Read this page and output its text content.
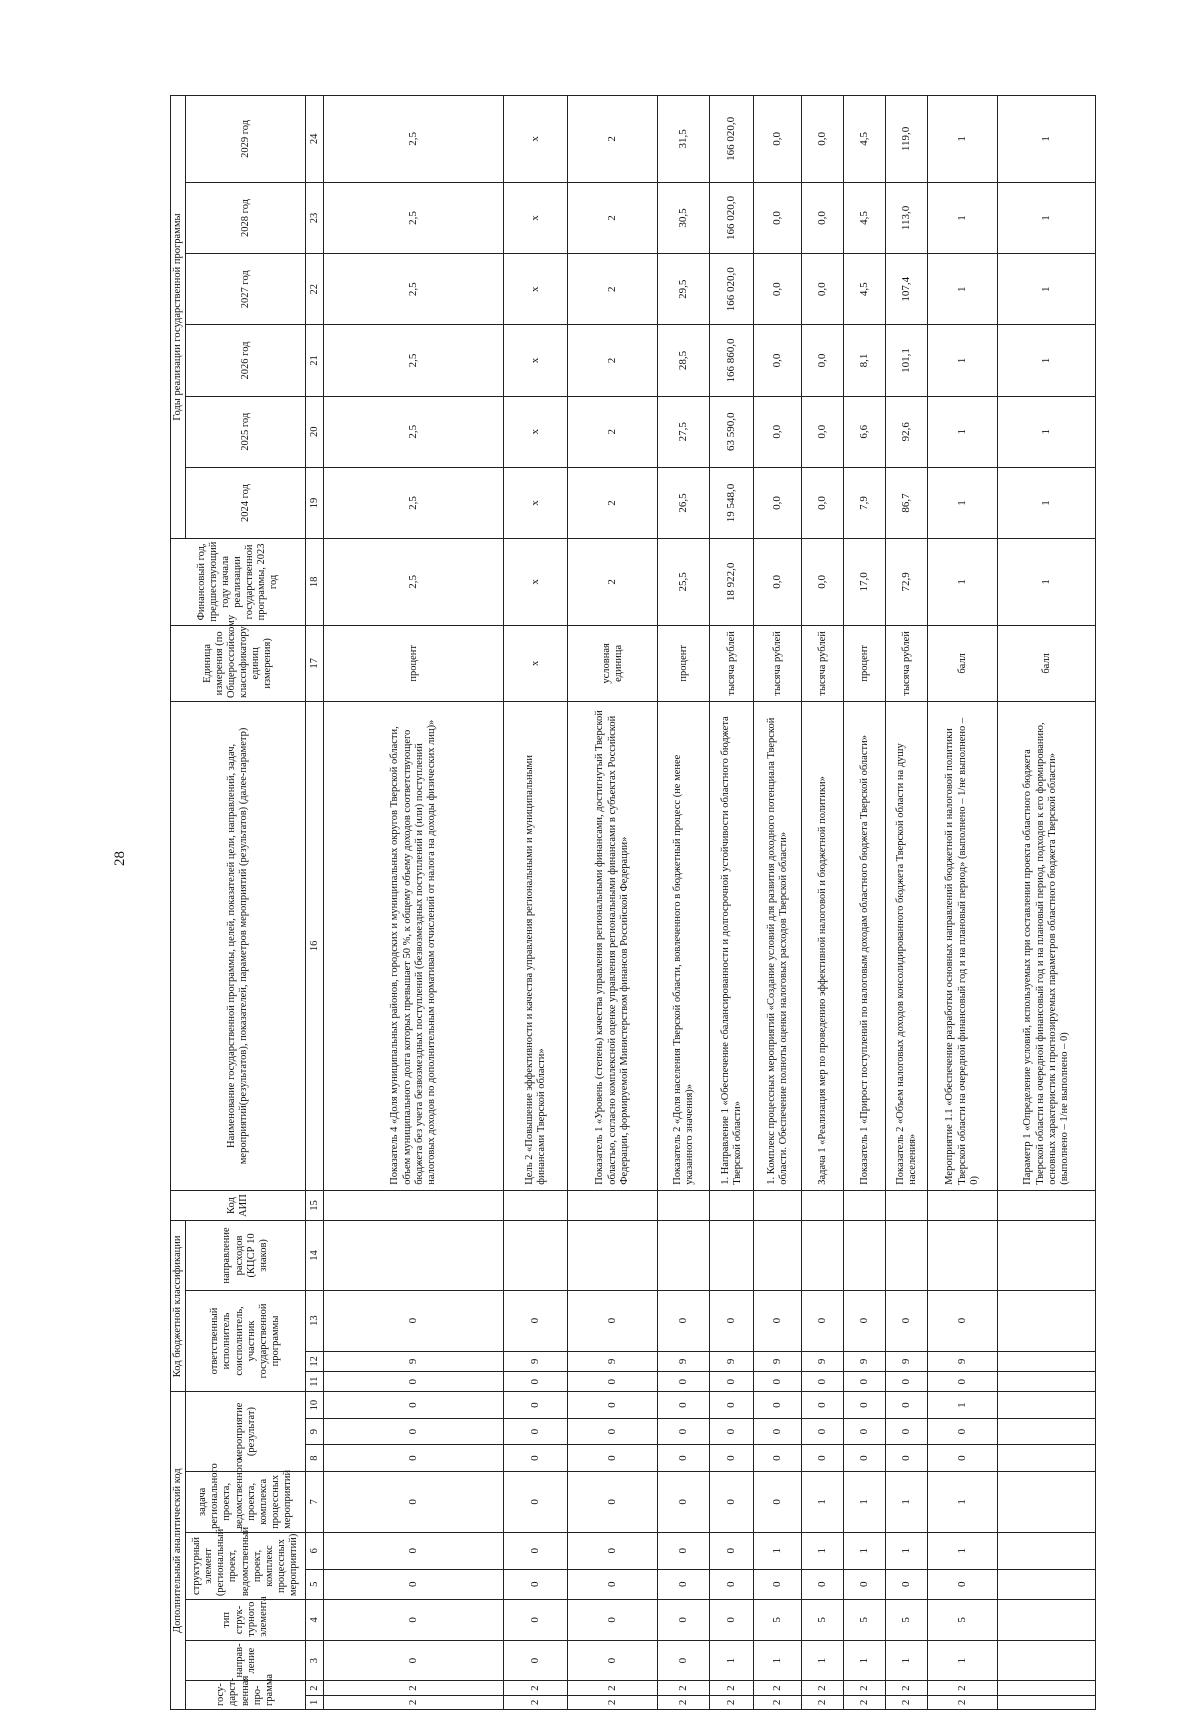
28
Дополнительный аналитический код										Код бюджетной классификации				Код АИП	Наименование государственной программы, целей, показателей цели, направлений, задач, мероприятий(результатов), показателей, параметров мероприятий (результатов) (далее-параметр)	Единица измерения (по Общероссийскому классификатору единиц измерения)	Финансовый год, предшествующий году начала реализации государственной программы, 2023 год	Годы реализации государственной программы					
госу-дарст-венная про-грамма		направ-ление	тип струк-турного элемента	структурный элемент (региональный проект, ведомственный проект, комплекс процессных мероприятий)		задача регионального проекта, ведомственного проекта, комплекса процессных мероприятий	мероприятие (результат)			ответственный исполнитель соисполнитель, участник государственной программы			направление расходов (КЦСР 10 знаков)					2024 год	2025 год	2026 год	2027 год	2028 год	2029 год
1	2	3	4	5	6	7	8	9	10	11	12	13	14	15	16	17	18	19	20	21	22	23	24
2	2	0	0	0	0	0	0	0	0	0	9	0			Показатель 4 «Доля муниципальных районов, городских и муниципальных округов Тверской области, объем муниципального долга которых превышает 50 %, к общему объему доходов соответствующего бюджета без учета безвозмездных поступлений (безвозмездных поступлений и (или) поступлений налоговых доходов по дополнительным нормативам отчислений от налога на доходы физических лиц)»	процент	2,5	2,5	2,5	2,5	2,5	2,5	2,5
2	2	0	0	0	0	0	0	0	0	0	9	0			Цель 2 «Повышение эффективности и качества управления региональными и муниципальными финансами Тверской области»	х	х	х	х	х	х	х	х
2	2	0	0	0	0	0	0	0	0	0	9	0			Показатель 1 «Уровень (степень) качества управления региональными финансами, достигнутый Тверской областью, согласно комплексной оценке управления региональными финансами в субъектах Российской Федерации, формируемой Министерством финансов Российской Федерации»	условная единица	2	2	2	2	2	2	2
2	2	0	0	0	0	0	0	0	0	0	9	0			Показатель 2 «Доля населения Тверской области, вовлеченного в бюджетный процесс (не менее указанного значения)»	процент	25,5	26,5	27,5	28,5	29,5	30,5	31,5
2	2	1	0	0	0	0	0	0	0	0	9	0			1. Направление 1 «Обеспечение сбалансированности и долгосрочной устойчивости областного бюджета Тверской области»	тысяча рублей	18 922,0	19 548,0	63 590,0	166 860,0	166 020,0	166 020,0	166 020,0
2	2	1	5	0	1	0	0	0	0	0	9	0			1. Комплекс процессных мероприятий «Создание условий для развития доходного потенциала Тверской области. Обеспечение полноты оценки налоговых расходов Тверской области»	тысяча рублей	0,0	0,0	0,0	0,0	0,0	0,0	0,0
2	2	1	5	0	1	1	0	0	0	0	9	0			Задача 1 «Реализация мер по проведению эффективной налоговой и бюджетной политики»	тысяча рублей	0,0	0,0	0,0	0,0	0,0	0,0	0,0
2	2	1	5	0	1	1	0	0	0	0	9	0			Показатель 1 «Прирост поступлений по налоговым доходам областного бюджета Тверской области»	процент	17,0	7,9	6,6	8,1	4,5	4,5	4,5
2	2	1	5	0	1	1	0	0	0	0	9	0			Показатель 2 «Объем налоговых доходов консолидированного бюджета Тверской области на душу населения»	тысяча рублей	72,9	86,7	92,6	101,1	107,4	113,0	119,0
2	2	1	5	0	1	1	0	0	1	0	9	0			Мероприятие 1.1 «Обеспечение разработки основных направлений бюджетной и налоговой политики Тверской области на очередной финансовый год и на плановый период» (выполнено – 1/не выполнено – 0)	балл	1	1	1	1	1	1	1
															Параметр 1 «Определение условий, используемых при составлении проекта областного бюджета Тверской области на очередной финансовый год и на плановый период, подходов к его формированию, основных характеристик и прогнозируемых параметров областного бюджета Тверской области» (выполнено – 1/не выполнено – 0)	балл	1	1	1	1	1	1	1
